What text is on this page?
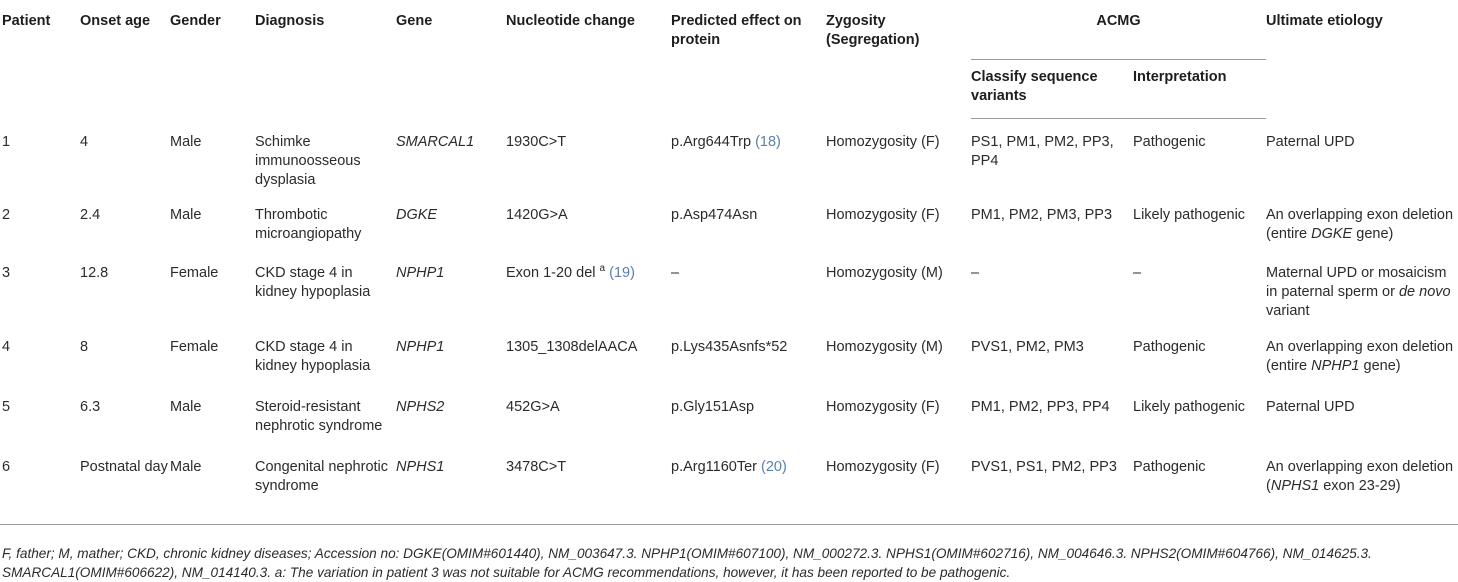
Patient	Onset age	Gender	Diagnosis	Gene	Nucleotide change	Predicted effect on protein	Zygosity (Segregation)	ACMG		Ultimate etiology
								Classify sequence variants	Interpretation	
1	4	Male	Schimke immunoosseous dysplasia	SMARCAL1	1930C>T	p.Arg644Trp (18)	Homozygosity (F)	PS1, PM1, PM2, PP3, PP4	Pathogenic	Paternal UPD
2	2.4	Male	Thrombotic microangiopathy	DGKE	1420G>A	p.Asp474Asn	Homozygosity (F)	PM1, PM2, PM3, PP3	Likely pathogenic	An overlapping exon deletion (entire DGKE gene)
3	12.8	Female	CKD stage 4 in kidney hypoplasia	NPHP1	Exon 1-20 del $^a$ (19)	–	Homozygosity (M)	–	–	Maternal UPD or mosaicism in paternal sperm or de novo variant
4	8	Female	CKD stage 4 in kidney hypoplasia	NPHP1	1305_1308delAACA	p.Lys435Asnfs*52	Homozygosity (M)	PVS1, PM2, PM3	Pathogenic	An overlapping exon deletion (entire NPHP1 gene)
5	6.3	Male	Steroid-resistant nephrotic syndrome	NPHS2	452G>A	p.Gly151Asp	Homozygosity (F)	PM1, PM2, PP3, PP4	Likely pathogenic	Paternal UPD
6	Postnatal day	Male	Congenital nephrotic syndrome	NPHS1	3478C>T	p.Arg1160Ter (20)	Homozygosity (F)	PVS1, PS1, PM2, PP3	Pathogenic	An overlapping exon deletion (NPHS1 exon 23-29)
F, father; M, mather; CKD, chronic kidney diseases; Accession no: DGKE(OMIM#601440), NM_003647.3. NPHP1(OMIM#607100), NM_000272.3. NPHS1(OMIM#602716), NM_004646.3. NPHS2(OMIM#604766), NM_014625.3. SMARCAL1(OMIM#606622), NM_014140.3. a: The variation in patient 3 was not suitable for ACMG recommendations, however, it has been reported to be pathogenic.
